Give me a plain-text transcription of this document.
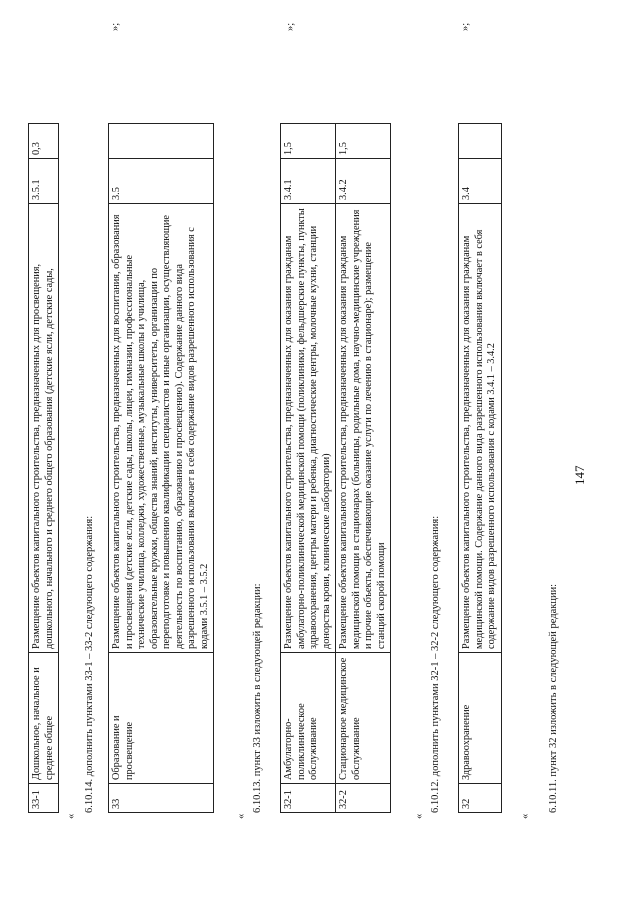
147
6.10.11. пункт 32 изложить в следующей редакции:
«
32	Здравоохранение	Размещение объектов капитального строительства, предназначенных для оказания гражданам медицинской помощи. Содержание данного вида разрешенного использования включает в себя содержание видов разрешенного использования с кодами 3.4.1 – 3.4.2	3.4	
»;
6.10.12. дополнить пунктами 32-1 – 32-2 следующего содержания:
«
32-1	Амбулаторно-поликлиническое обслуживание	Размещение объектов капитального строительства, предназначенных для оказания гражданам амбулаторно-поликлинической медицинской помощи (поликлиники, фельдшерские пункты, пункты здравоохранения, центры матери и ребенка, диагностические центры, молочные кухни, станции донорства крови, клинические лаборатории)	3.4.1	1,5
32-2	Стационарное медицинское обслуживание	Размещение объектов капитального строительства, предназначенных для оказания гражданам медицинской помощи в стационарах (больницы, родильные дома, научно-медицинские учреждения и прочие объекты, обеспечивающие оказание услуги по лечению в стационаре); размещение станций скорой помощи	3.4.2	1,5
»;
6.10.13. пункт 33 изложить в следующей редакции:
«
33	Образование и просвещение	Размещение объектов капитального строительства, предназначенных для воспитания, образования и просвещения (детские ясли, детские сады, школы, лицеи, гимназии, профессиональные технические училища, колледжи, художественные, музыкальные школы и училища, образовательные кружки, общества знаний, институты, университеты, организации по переподготовке и повышению квалификации специалистов и иные организации, осуществляющие деятельность по воспитанию, образованию и просвещению). Содержание данного вида разрешенного использования включает в себя содержание видов разрешенного использования с кодами 3.5.1 – 3.5.2	3.5	
»;
6.10.14. дополнить пунктами 33-1 – 33-2 следующего содержания:
«
33-1	Дошкольное, начальное и среднее общее	Размещение объектов капитального строительства, предназначенных для просвещения, дошкольного, начального и среднего общего образования (детские ясли, детские сады,	3.5.1	0,3
